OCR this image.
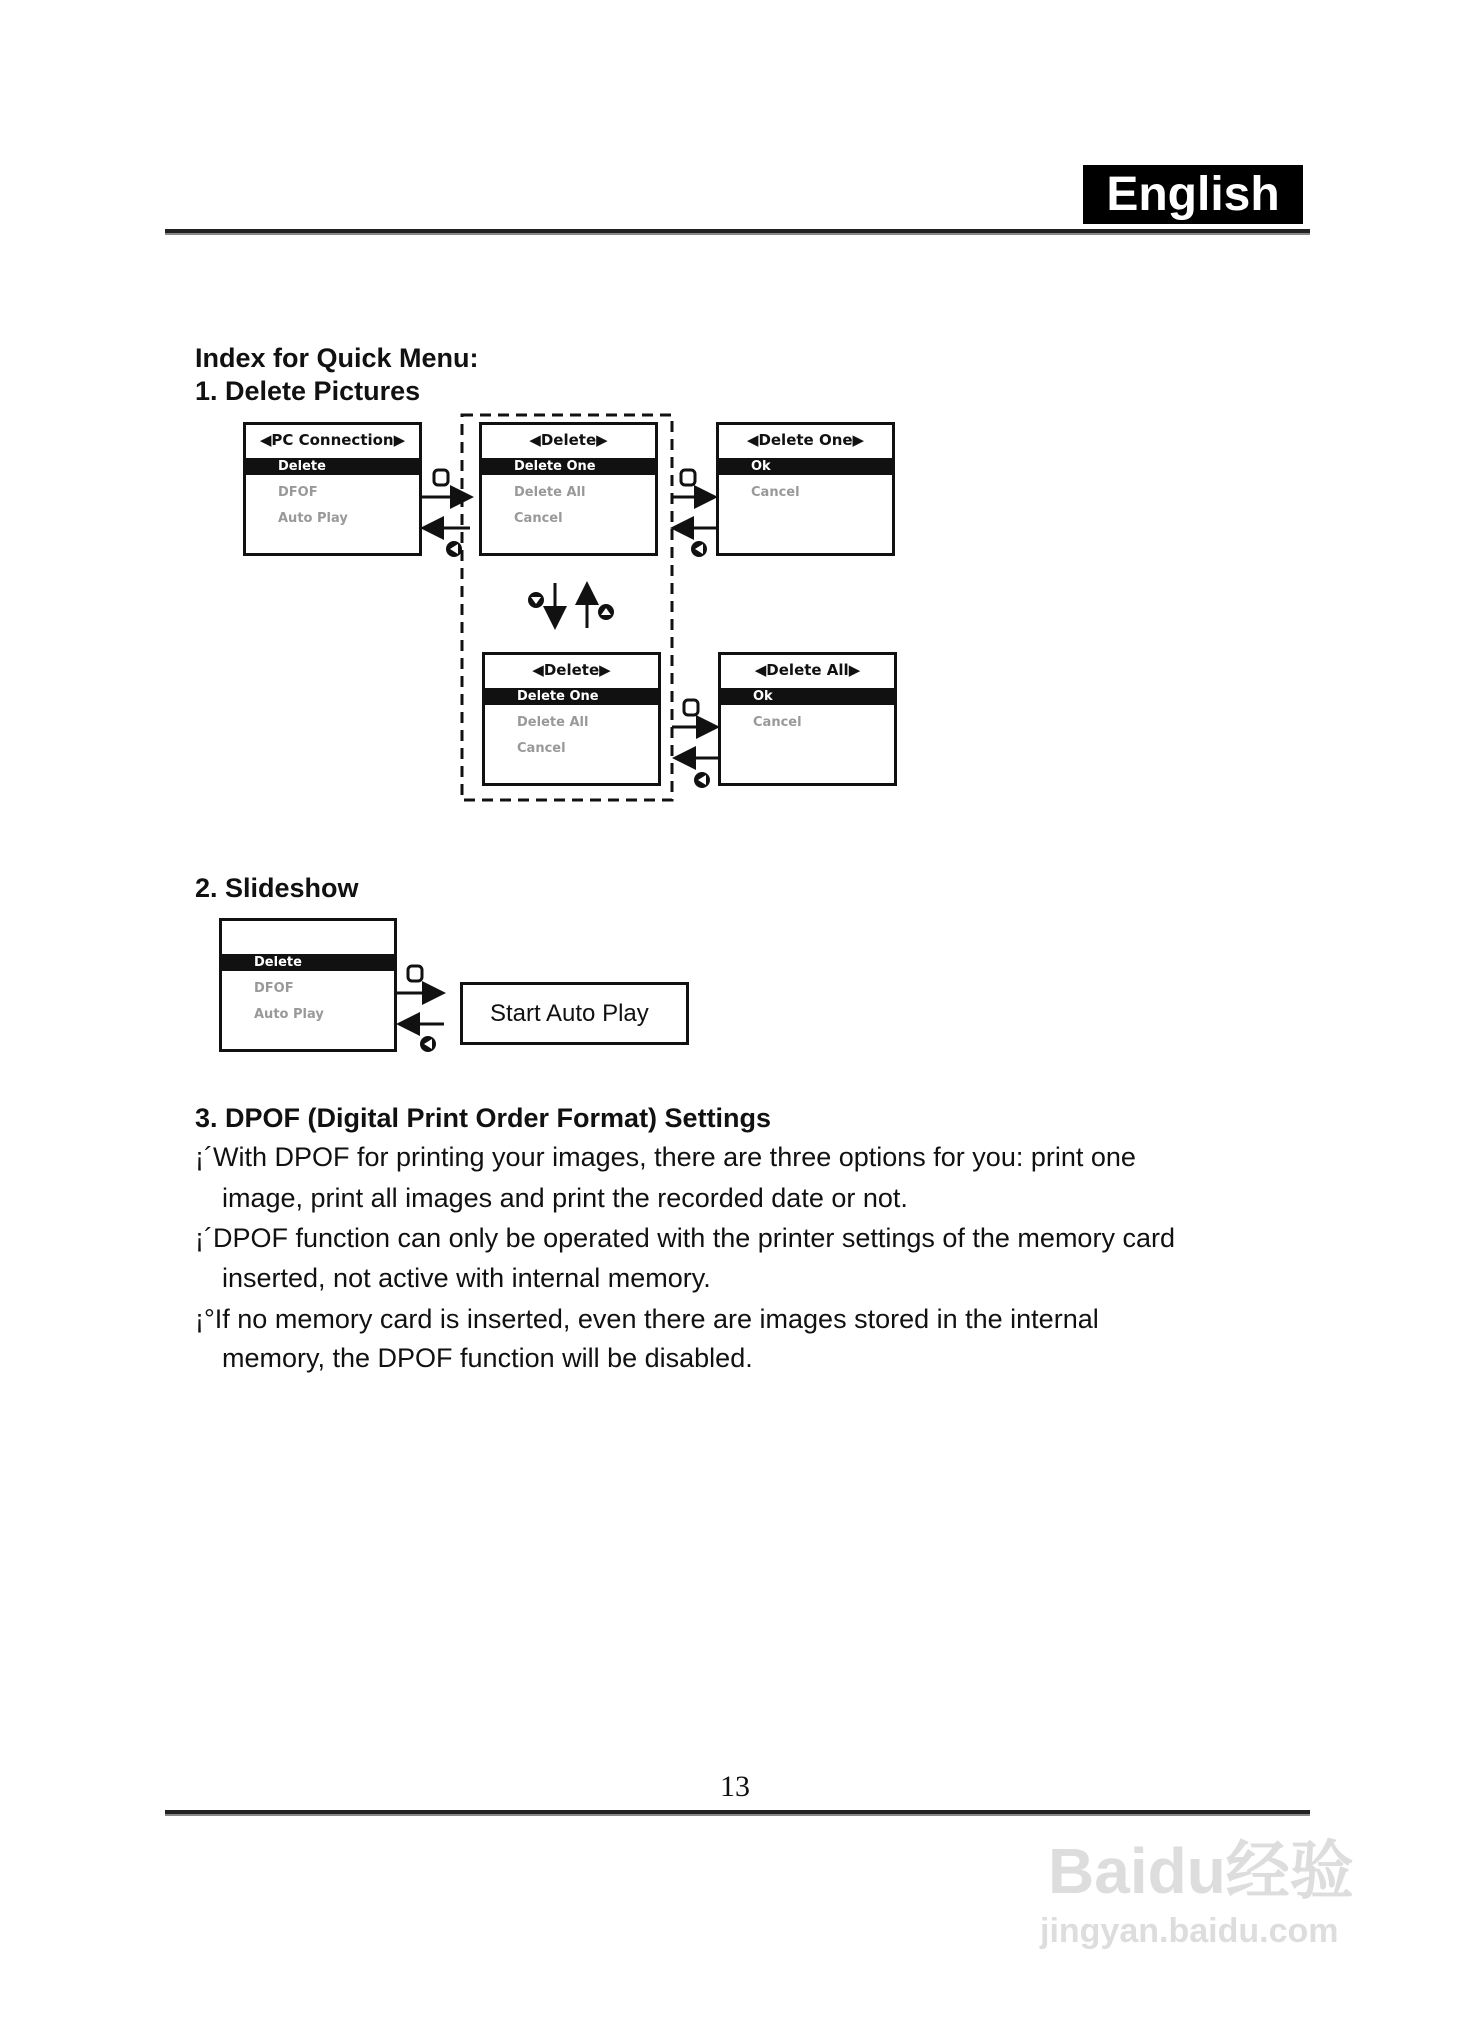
English
Index for Quick Menu:
1. Delete Pictures
◀PC Connection▶
Delete
DFOF
Auto Play
◀Delete▶
Delete One
Delete All
Cancel
◀Delete One▶
Ok
Cancel
◀Delete▶
Delete One
Delete All
Cancel
◀Delete All▶
Ok
Cancel
2. Slideshow
Delete
DFOF
Auto Play	Start Auto Play
3. DPOF (Digital Print Order Format) Settings
¡´With DPOF for printing your images, there are three options for you: print one
image, print all images and print the recorded date or not.
¡´DPOF function can only be operated with the printer settings of the memory card
inserted, not active with internal memory.
¡°If no memory card is inserted, even there are images stored in the internal
memory, the DPOF function will be disabled.
13
Baidu经验
jingyan.baidu.com
